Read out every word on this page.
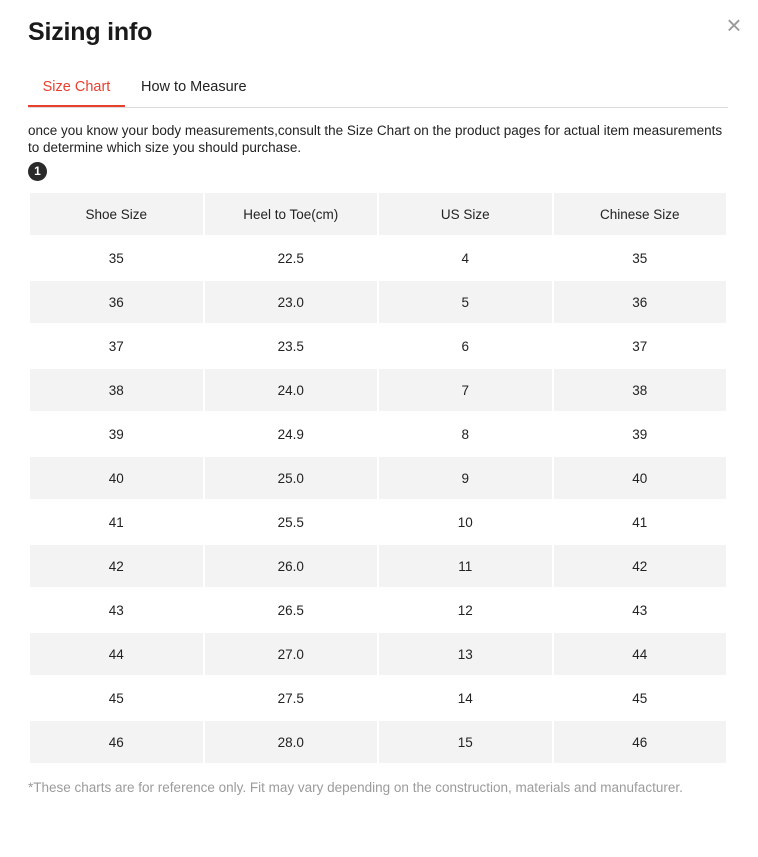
Sizing info	×
Size Chart	How to Measure

once you know your body measurements,consult the Size Chart on the product pages for actual item measurements to determine which size you should purchase.

1
Shoe Size	Heel to Toe(cm)	US Size	Chinese Size
35	22.5	4	35
36	23.0	5	36
37	23.5	6	37
38	24.0	7	38
39	24.9	8	39
40	25.0	9	40
41	25.5	10	41
42	26.0	11	42
43	26.5	12	43
44	27.0	13	44
45	27.5	14	45
46	28.0	15	46

*These charts are for reference only. Fit may vary depending on the construction, materials and manufacturer.
